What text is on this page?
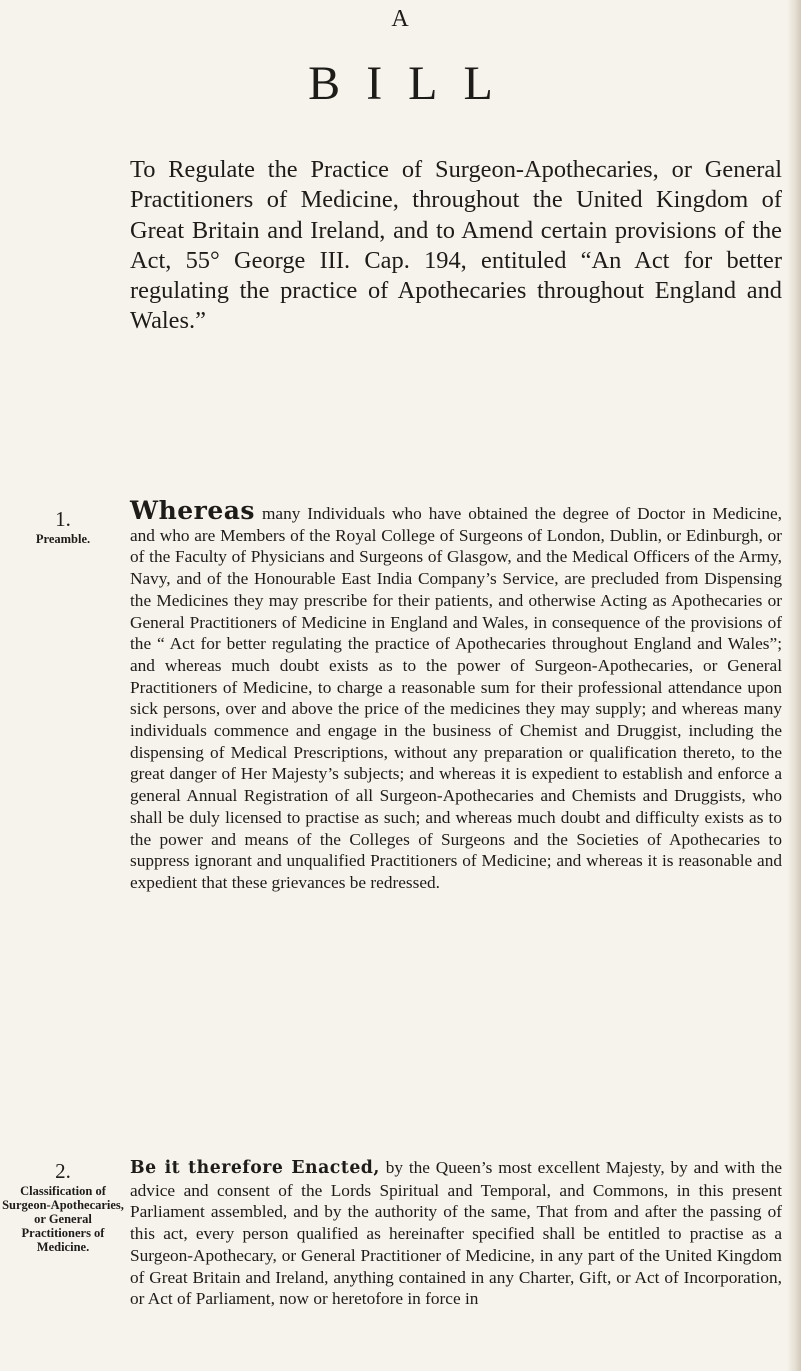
A
BILL
To Regulate the Practice of Surgeon-Apothecaries, or General Practitioners of Medicine, throughout the United Kingdom of Great Britain and Ireland, and to Amend certain provisions of the Act, 55° George III. Cap. 194, entituled “An Act for better regulating the practice of Apothecaries throughout England and Wales.”
1.
Preamble.
Whereas many Individuals who have obtained the degree of Doctor in Medicine, and who are Members of the Royal College of Surgeons of London, Dublin, or Edinburgh, or of the Faculty of Physicians and Surgeons of Glasgow, and the Medical Officers of the Army, Navy, and of the Honourable East India Company’s Service, are precluded from Dispensing the Medicines they may prescribe for their patients, and otherwise Acting as Apothecaries or General Practitioners of Medicine in England and Wales, in consequence of the provisions of the “ Act for better regulating the practice of Apothecaries throughout England and Wales”; and whereas much doubt exists as to the power of Surgeon-Apothecaries, or General Practitioners of Medicine, to charge a reasonable sum for their professional attendance upon sick persons, over and above the price of the medicines they may supply; and whereas many individuals commence and engage in the business of Chemist and Druggist, including the dispensing of Medical Prescriptions, without any preparation or qualification thereto, to the great danger of Her Majesty’s subjects; and whereas it is expedient to establish and enforce a general Annual Registration of all Surgeon-Apothecaries and Chemists and Druggists, who shall be duly licensed to practise as such; and whereas much doubt and difficulty exists as to the power and means of the Colleges of Surgeons and the Societies of Apothecaries to suppress ignorant and unqualified Practitioners of Medicine; and whereas it is reasonable and expedient that these grievances be redressed.
2.
Classification of Surgeon-Apothecaries, or General Practitioners of Medicine.
Be it therefore Enacted, by the Queen’s most excellent Majesty, by and with the advice and consent of the Lords Spiritual and Temporal, and Commons, in this present Parliament assembled, and by the authority of the same, That from and after the passing of this act, every person qualified as hereinafter specified shall be entitled to practise as a Surgeon-Apothecary, or General Practitioner of Medicine, in any part of the United Kingdom of Great Britain and Ireland, anything contained in any Charter, Gift, or Act of Incorporation, or Act of Parliament, now or heretofore in force in
